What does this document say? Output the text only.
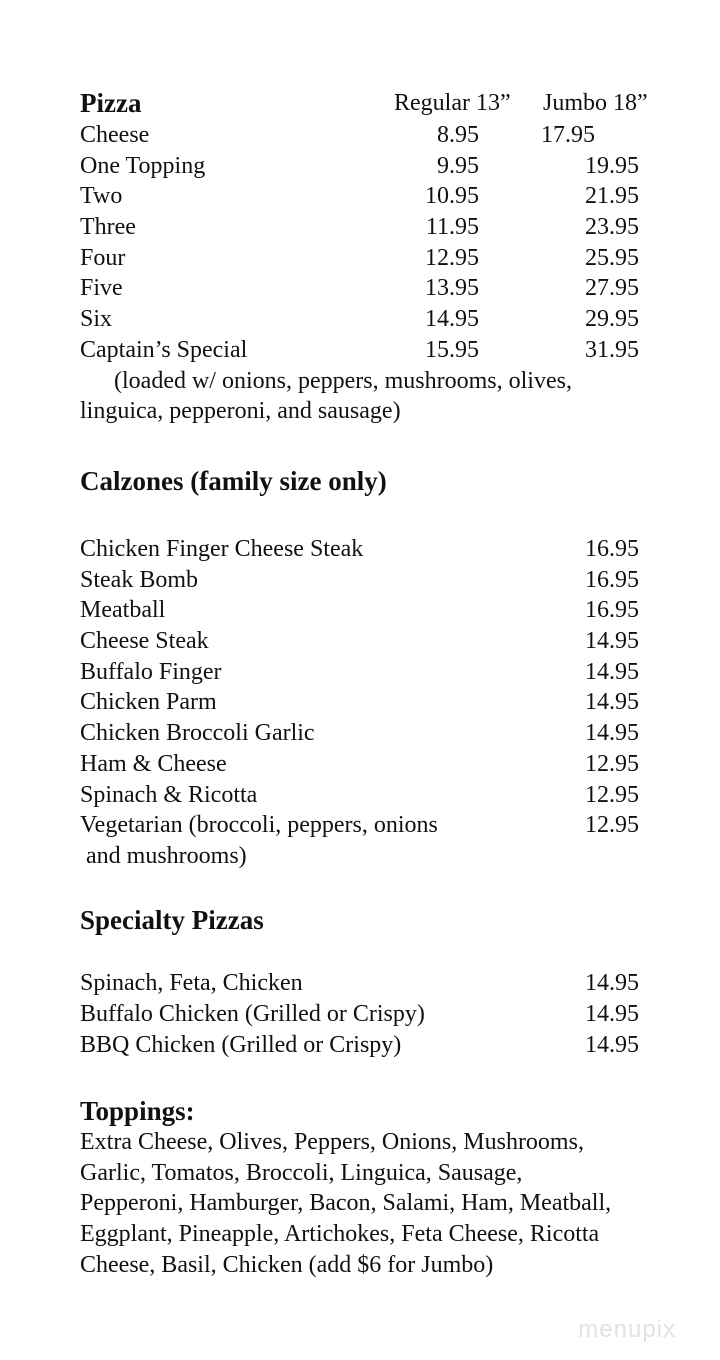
Pizza	Regular 13” Jumbo 18”
Cheese	8.95	17.95
One Topping	9.95	19.95
Two	10.95	21.95
Three	11.95	23.95
Four	12.95	25.95
Five	13.95	27.95
Six	14.95	29.95
Captain’s Special	15.95	31.95
(loaded w/ onions, peppers, mushrooms, olives,
linguica, pepperoni, and sausage)
Calzones (family size only)
Chicken Finger Cheese Steak	16.95
Steak Bomb	16.95
Meatball	16.95
Cheese Steak	14.95
Buffalo Finger	14.95
Chicken Parm	14.95
Chicken Broccoli Garlic	14.95
Ham & Cheese	12.95
Spinach & Ricotta	12.95
Vegetarian (broccoli, peppers, onions	12.95
and mushrooms)
Specialty Pizzas
Spinach, Feta, Chicken	14.95
Buffalo Chicken (Grilled or Crispy)	14.95
BBQ Chicken (Grilled or Crispy)	14.95
Toppings:
Extra Cheese, Olives, Peppers, Onions, Mushrooms,
Garlic, Tomatos, Broccoli, Linguica, Sausage,
Pepperoni, Hamburger, Bacon, Salami, Ham, Meatball,
Eggplant, Pineapple, Artichokes, Feta Cheese, Ricotta
Cheese, Basil, Chicken (add $6 for Jumbo)
menupix
